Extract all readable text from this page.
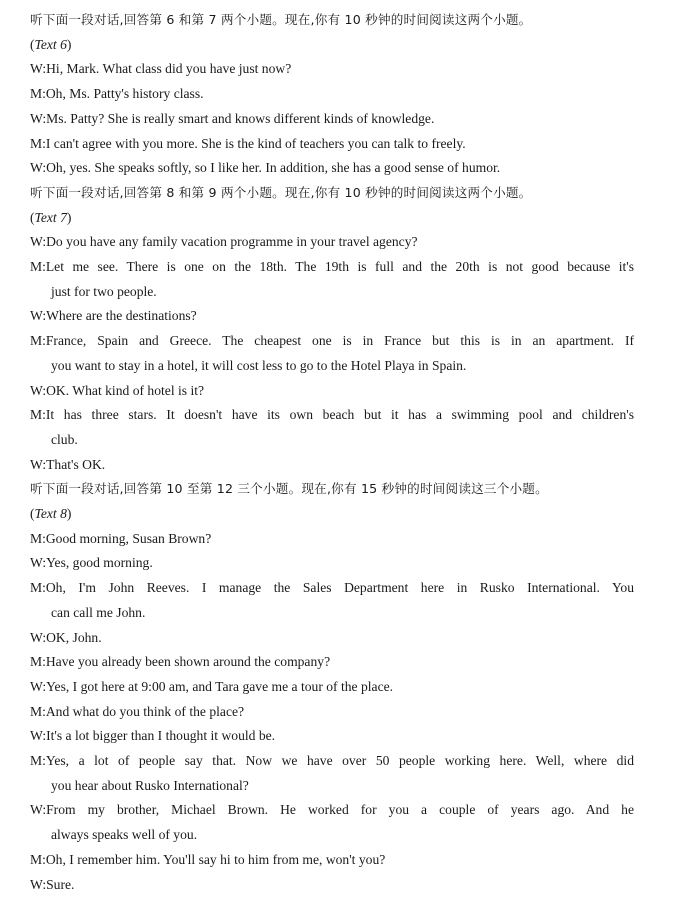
听下面一段对话,回答第 6 和第 7 两个小题。现在,你有 10 秒钟的时间阅读这两个小题。
(Text 6)
W:Hi, Mark. What class did you have just now?
M:Oh, Ms. Patty's history class.
W:Ms. Patty? She is really smart and knows different kinds of knowledge.
M:I can't agree with you more. She is the kind of teachers you can talk to freely.
W:Oh, yes. She speaks softly, so I like her. In addition, she has a good sense of humor.
听下面一段对话,回答第 8 和第 9 两个小题。现在,你有 10 秒钟的时间阅读这两个小题。
(Text 7)
W:Do you have any family vacation programme in your travel agency?
M:Let me see. There is one on the 18th. The 19th is full and the 20th is not good because it's
just for two people.
W:Where are the destinations?
M:France, Spain and Greece. The cheapest one is in France but this is in an apartment. If
you want to stay in a hotel, it will cost less to go to the Hotel Playa in Spain.
W:OK. What kind of hotel is it?
M:It has three stars. It doesn't have its own beach but it has a swimming pool and children's
club.
W:That's OK.
听下面一段对话,回答第 10 至第 12 三个小题。现在,你有 15 秒钟的时间阅读这三个小题。
(Text 8)
M:Good morning, Susan Brown?
W:Yes, good morning.
M:Oh, I'm John Reeves. I manage the Sales Department here in Rusko International. You
can call me John.
W:OK, John.
M:Have you already been shown around the company?
W:Yes, I got here at 9:00 am, and Tara gave me a tour of the place.
M:And what do you think of the place?
W:It's a lot bigger than I thought it would be.
M:Yes, a lot of people say that. Now we have over 50 people working here. Well, where did
you hear about Rusko International?
W:From my brother, Michael Brown. He worked for you a couple of years ago. And he
always speaks well of you.
M:Oh, I remember him. You'll say hi to him from me, won't you?
W:Sure.
